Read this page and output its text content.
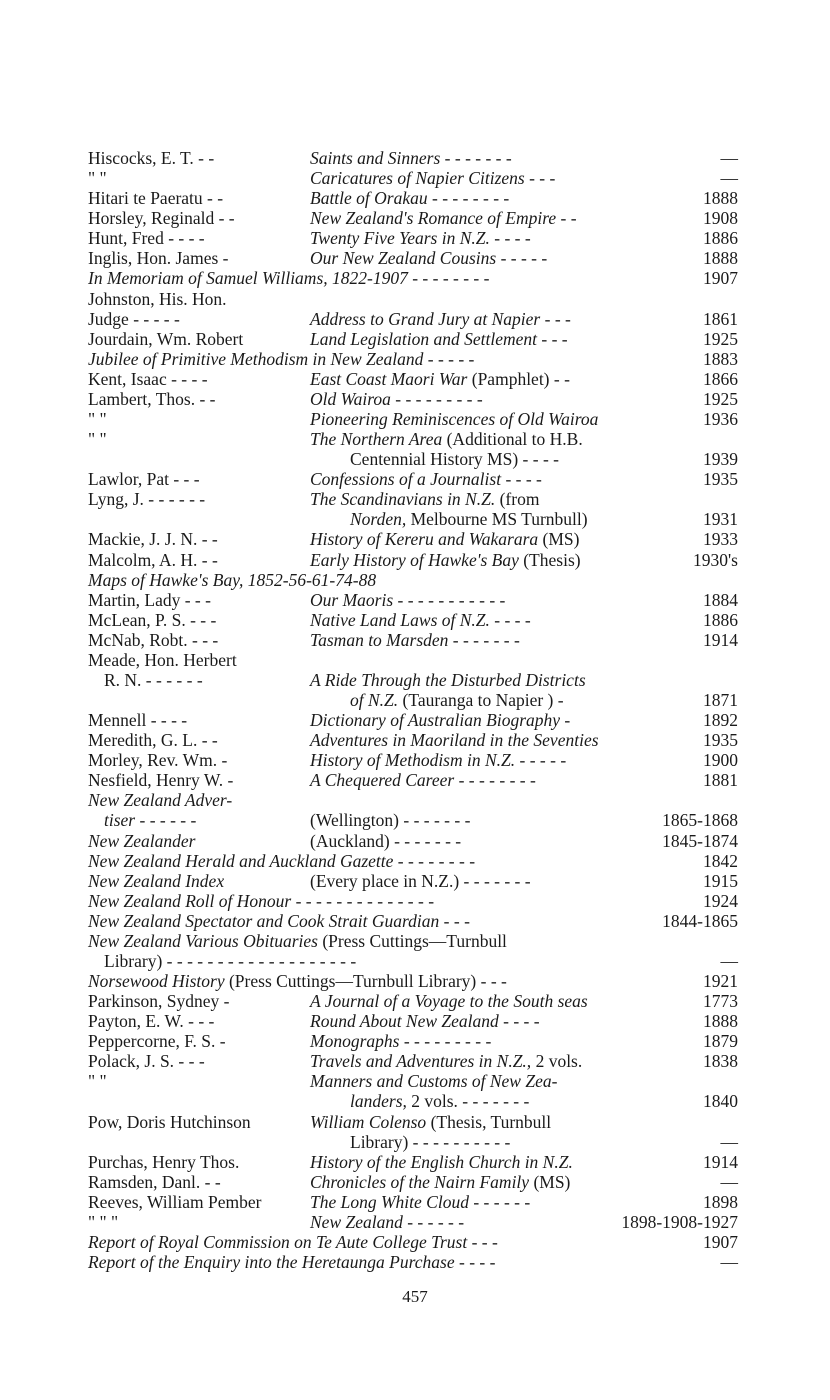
Hiscocks, E. T. - -	Saints and Sinners - - - - - - -	—
" "	Caricatures of Napier Citizens - - -	—
Hitari te Paeratu - -	Battle of Orakau - - - - - - - -	1888
Horsley, Reginald - -	New Zealand's Romance of Empire - -	1908
Hunt, Fred - - - -	Twenty Five Years in N.Z. - - - -	1886
Inglis, Hon. James -	Our New Zealand Cousins - - - - -	1888
In Memoriam of Samuel Williams, 1822-1907 - - - - - - - -	1907
Johnston, His. Hon.
Judge - - - - -	Address to Grand Jury at Napier - - -	1861
Jourdain, Wm. Robert	Land Legislation and Settlement - - -	1925
Jubilee of Primitive Methodism in New Zealand - - - - -	1883
Kent, Isaac - - - -	East Coast Maori War (Pamphlet) - -	1866
Lambert, Thos. - -	Old Wairoa - - - - - - - - -	1925
" "	Pioneering Reminiscences of Old Wairoa	1936
" "	The Northern Area (Additional to H.B.
Centennial History MS) - - - -	1939
Lawlor, Pat - - -	Confessions of a Journalist - - - -	1935
Lyng, J. - - - - - -	The Scandinavians in N.Z. (from
Norden, Melbourne MS Turnbull)	1931
Mackie, J. J. N. - -	History of Kereru and Wakarara (MS)	1933
Malcolm, A. H. - -	Early History of Hawke's Bay (Thesis)	1930's
Maps of Hawke's Bay, 1852-56-61-74-88
Martin, Lady - - -	Our Maoris - - - - - - - - - - -	1884
McLean, P. S. - - -	Native Land Laws of N.Z. - - - -	1886
McNab, Robt. - - -	Tasman to Marsden - - - - - - -	1914
Meade, Hon. Herbert
R. N. - - - - - -	A Ride Through the Disturbed Districts
of N.Z. (Tauranga to Napier ) -	1871
Mennell - - - -	Dictionary of Australian Biography -	1892
Meredith, G. L. - -	Adventures in Maoriland in the Seventies	1935
Morley, Rev. Wm. -	History of Methodism in N.Z. - - - - -	1900
Nesfield, Henry W. -	A Chequered Career - - - - - - - -	1881
New Zealand Adver-
tiser - - - - - -	(Wellington) - - - - - - -	1865-1868
New Zealander	(Auckland) - - - - - - -	1845-1874
New Zealand Herald and Auckland Gazette - - - - - - - -	1842
New Zealand Index	(Every place in N.Z.) - - - - - - -	1915
New Zealand Roll of Honour - - - - - - - - - - - - - -	1924
New Zealand Spectator and Cook Strait Guardian - - -	1844-1865
New Zealand Various Obituaries (Press Cuttings—Turnbull
Library) - - - - - - - - - - - - - - - - - - -	—
Norsewood History (Press Cuttings—Turnbull Library) - - -	1921
Parkinson, Sydney -	A Journal of a Voyage to the South seas	1773
Payton, E. W. - - -	Round About New Zealand - - - -	1888
Peppercorne, F. S. -	Monographs - - - - - - - - -	1879
Polack, J. S. - - -	Travels and Adventures in N.Z., 2 vols.	1838
" "	Manners and Customs of New Zea-
landers, 2 vols. - - - - - - -	1840
Pow, Doris Hutchinson	William Colenso (Thesis, Turnbull
Library) - - - - - - - - - -	—
Purchas, Henry Thos.	History of the English Church in N.Z.	1914
Ramsden, Danl. - -	Chronicles of the Nairn Family (MS)	—
Reeves, William Pember	The Long White Cloud - - - - - -	1898
" " "	New Zealand - - - - - -	1898-1908-1927
Report of Royal Commission on Te Aute College Trust - - -	1907
Report of the Enquiry into the Heretaunga Purchase - - - -	—
457
